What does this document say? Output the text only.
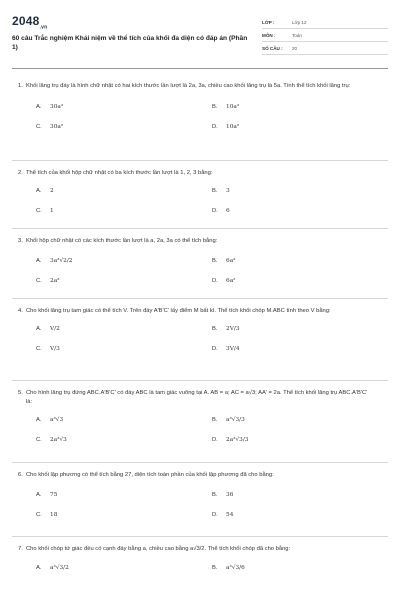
$2048_{.vn}$
60 câu Trắc nghiệm Khái niệm về thể tích của khối đa diện có đáp án (Phần 1)
LỚP :	Lớp 12
MÔN :	Toán
SỐ CÂU :	20
1. Khối lăng trụ đáy là hình chữ nhật có hai kích thước lần lượt là 2a, 3a, chiều cao khối lăng trụ là 5a. Tính thể tích khối lăng trụ:
A.	30a³	B.	10a³
C.	30a²	D.	10a²
2. Thể tích của khối hộp chữ nhật có ba kích thước lần lượt là 1, 2, 3 bằng:
A.	2	B.	3
C.	1	D.	6
3. Khối hộp chữ nhật có các kích thước lần lượt là a, 2a, 3a có thể tích bằng:
A.	3a³√2/2	B.	6a³
C.	2a³	D.	6a²
4. Cho khối lăng trụ tam giác có thể tích V. Trên đáy A'B'C' lấy điểm M bất kì. Thể tích khối chóp M.ABC tính theo V bằng:
A.	V/2	B.	2V/3
C.	V/3	D.	3V/4
5. Cho hình lăng trụ đứng ABC.A'B'C' có đáy ABC là tam giác vuông tại A. AB = a; AC = a√3; AA' = 2a. Thể tích khối lăng trụ ABC.A'B'C' là:
A.	a³√3	B.	a³√3/3
C.	2a³√3	D.	2a³√3/3
6. Cho khối lập phương có thể tích bằng 27, diện tích toàn phần của khối lập phương đã cho bằng:
A.	75	B.	36
C.	18	D.	54
7. Cho khối chóp tứ giác đều có cạnh đáy bằng a, chiều cao bằng a√3/2. Thể tích khối chóp đã cho bằng:
A.	a³√3/2	B.	a³√3/6
